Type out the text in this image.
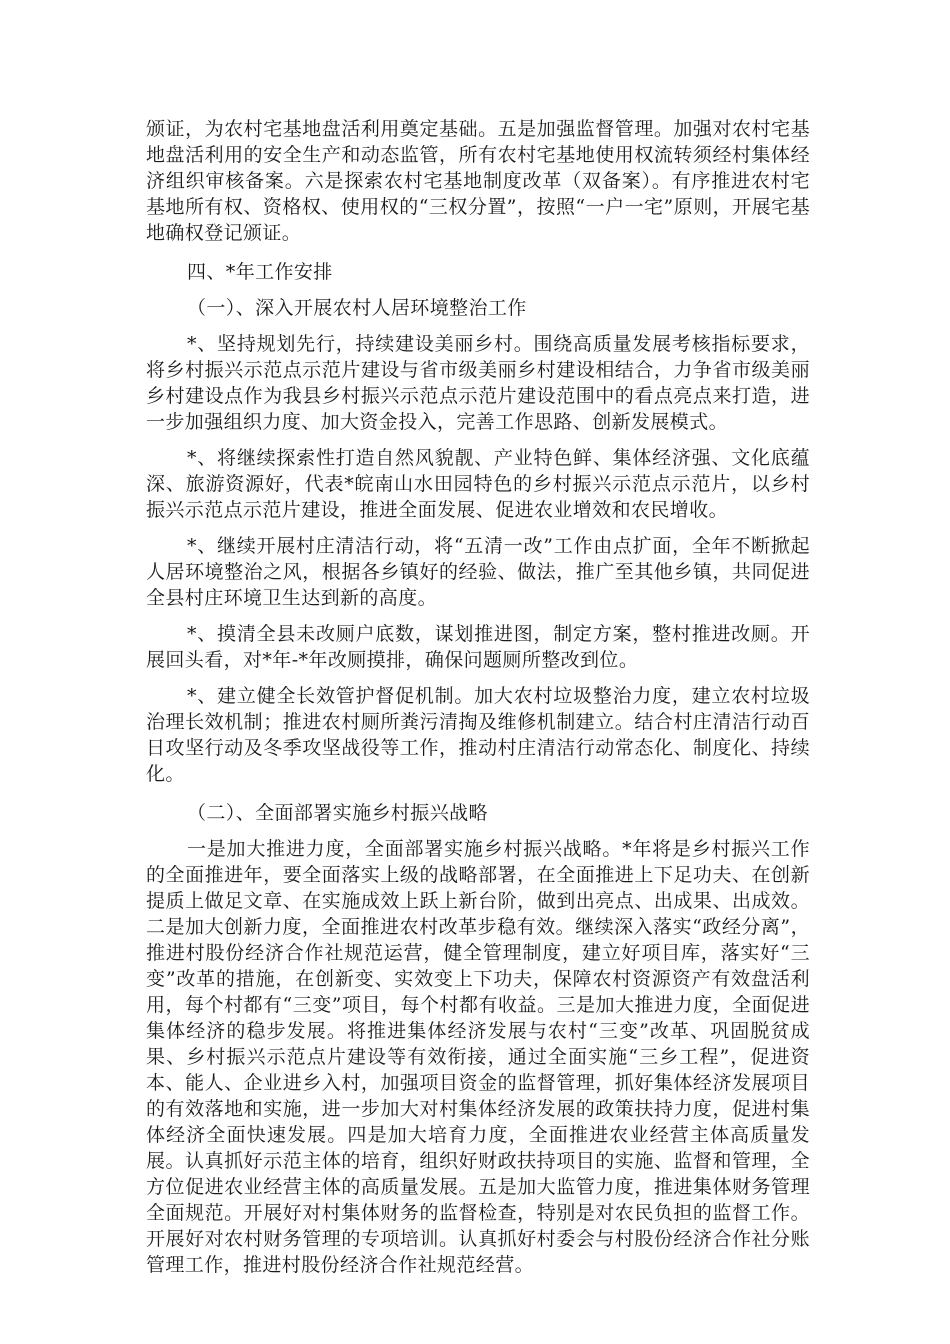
颁证，为农村宅基地盘活利用奠定基础。五是加强监督管理。加强对农村宅基地盘活利用的安全生产和动态监管，所有农村宅基地使用权流转须经村集体经济组织审核备案。六是探索农村宅基地制度改革（双备案）。有序推进农村宅基地所有权、资格权、使用权的“三权分置”，按照“一户一宅”原则，开展宅基地确权登记颁证。

四、*年工作安排

（一）、深入开展农村人居环境整治工作

*、坚持规划先行，持续建设美丽乡村。围绕高质量发展考核指标要求，将乡村振兴示范点示范片建设与省市级美丽乡村建设相结合，力争省市级美丽乡村建设点作为我县乡村振兴示范点示范片建设范围中的看点亮点来打造，进一步加强组织力度、加大资金投入，完善工作思路、创新发展模式。

*、将继续探索性打造自然风貌靓、产业特色鲜、集体经济强、文化底蕴深、旅游资源好，代表*皖南山水田园特色的乡村振兴示范点示范片，以乡村振兴示范点示范片建设，推进全面发展、促进农业增效和农民增收。

*、继续开展村庄清洁行动，将“五清一改”工作由点扩面，全年不断掀起人居环境整治之风，根据各乡镇好的经验、做法，推广至其他乡镇，共同促进全县村庄环境卫生达到新的高度。

*、摸清全县未改厕户底数，谋划推进图，制定方案，整村推进改厕。开展回头看，对*年-*年改厕摸排，确保问题厕所整改到位。

*、建立健全长效管护督促机制。加大农村垃圾整治力度，建立农村垃圾治理长效机制；推进农村厕所粪污清掏及维修机制建立。结合村庄清洁行动百日攻坚行动及冬季攻坚战役等工作，推动村庄清洁行动常态化、制度化、持续化。

（二）、全面部署实施乡村振兴战略

一是加大推进力度，全面部署实施乡村振兴战略。*年将是乡村振兴工作的全面推进年，要全面落实上级的战略部署，在全面推进上下足功夫、在创新提质上做足文章、在实施成效上跃上新台阶，做到出亮点、出成果、出成效。二是加大创新力度，全面推进农村改革步稳有效。继续深入落实“政经分离”，推进村股份经济合作社规范运营，健全管理制度，建立好项目库，落实好“三变”改革的措施，在创新变、实效变上下功夫，保障农村资源资产有效盘活利用，每个村都有“三变”项目，每个村都有收益。三是加大推进力度，全面促进集体经济的稳步发展。将推进集体经济发展与农村“三变”改革、巩固脱贫成果、乡村振兴示范点片建设等有效衔接，通过全面实施“三乡工程”，促进资本、能人、企业进乡入村，加强项目资金的监督管理，抓好集体经济发展项目的有效落地和实施，进一步加大对村集体经济发展的政策扶持力度，促进村集体经济全面快速发展。四是加大培育力度，全面推进农业经营主体高质量发展。认真抓好示范主体的培育，组织好财政扶持项目的实施、监督和管理，全方位促进农业经营主体的高质量发展。五是加大监管力度，推进集体财务管理全面规范。开展好对村集体财务的监督检查，特别是对农民负担的监督工作。开展好对农村财务管理的专项培训。认真抓好村委会与村股份经济合作社分账管理工作，推进村股份经济合作社规范经营。
